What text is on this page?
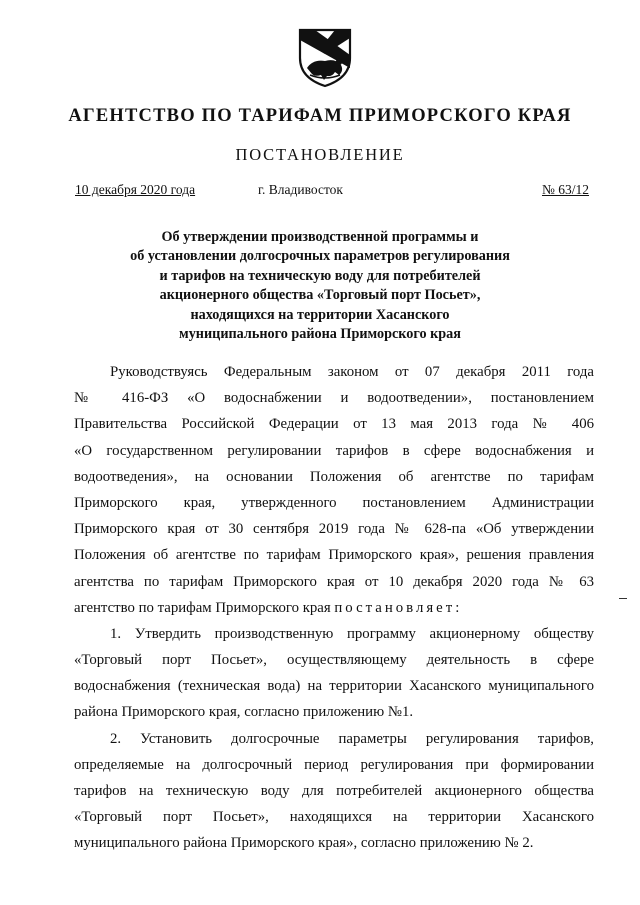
АГЕНТСТВО ПО ТАРИФАМ ПРИМОРСКОГО КРАЯ
ПОСТАНОВЛЕНИЕ
10 декабря 2020 года	г. Владивосток	№ 63/12
Об утверждении производственной программы и
об установлении долгосрочных параметров регулирования
и тарифов на техническую воду для потребителей
акционерного общества «Торговый порт Посьет»,
находящихся на территории Хасанского
муниципального района Приморского края
Руководствуясь Федеральным законом от 07 декабря 2011 года
№ 416-ФЗ «О водоснабжении и водоотведении», постановлением
Правительства Российской Федерации от 13 мая 2013 года № 406
«О государственном регулировании тарифов в сфере водоснабжения и
водоотведения», на основании Положения об агентстве по тарифам
Приморского края, утвержденного постановлением Администрации
Приморского края от 30 сентября 2019 года № 628-па «Об утверждении
Положения об агентстве по тарифам Приморского края», решения правления
агентства по тарифам Приморского края от 10 декабря 2020 года № 63
агентство по тарифам Приморского края постановляет:
1. Утвердить производственную программу акционерному обществу
«Торговый порт Посьет», осуществляющему деятельность в сфере
водоснабжения (техническая вода) на территории Хасанского муниципального
района Приморского края, согласно приложению №1.
2. Установить долгосрочные параметры регулирования тарифов,
определяемые на долгосрочный период регулирования при формировании
тарифов на техническую воду для потребителей акционерного общества
«Торговый порт Посьет», находящихся на территории Хасанского
муниципального района Приморского края», согласно приложению № 2.
